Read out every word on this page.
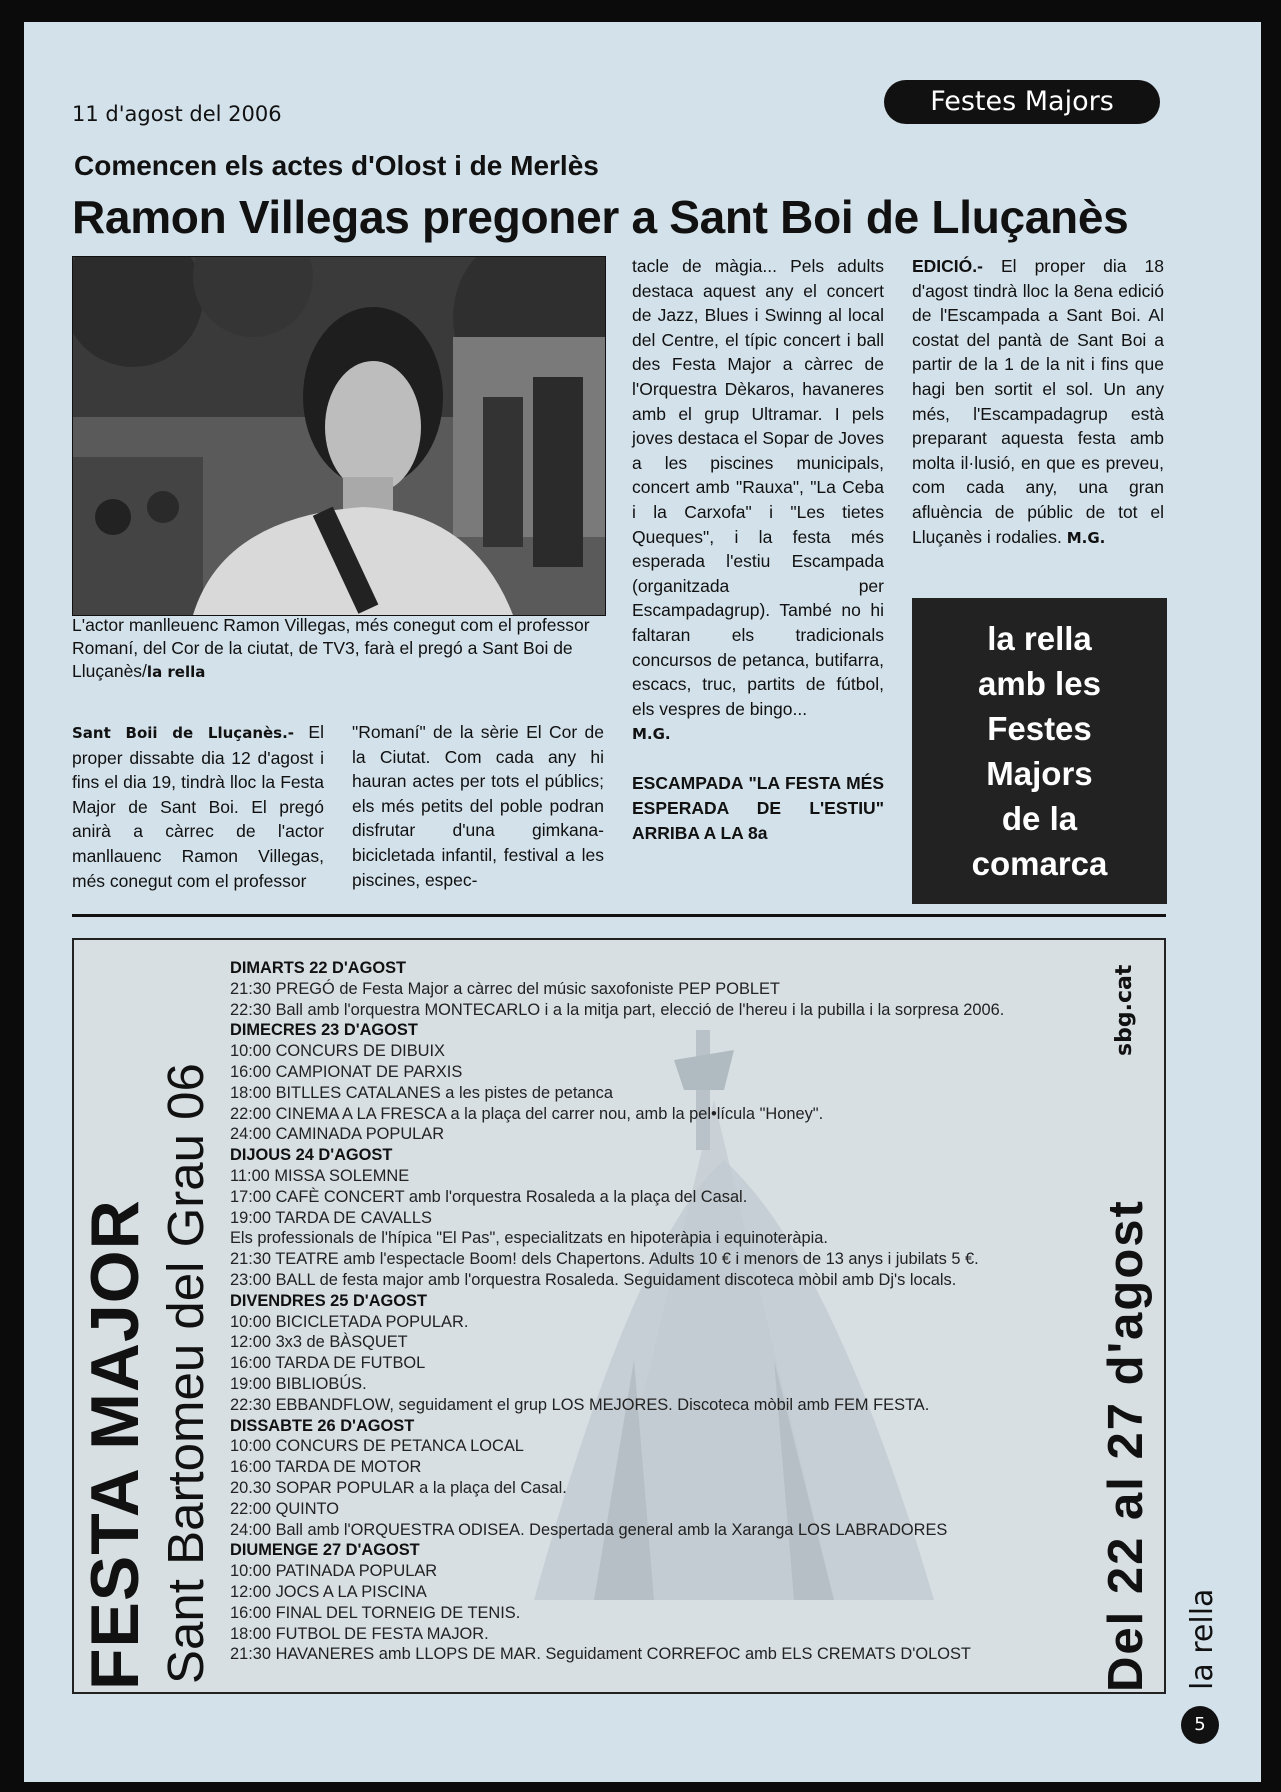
11 d'agost del 2006	Festes Majors
Comencen els actes d'Olost i de Merlès
Ramon Villegas pregoner a Sant Boi de Lluçanès
L'actor manlleuenc Ramon Villegas, més conegut com el professor Romaní, del Cor de la ciutat, de TV3, farà el pregó a Sant Boi de Lluçanès/la rella
Sant Boii de Lluçanès.- El proper dissabte dia 12 d'agost i fins el dia 19, tindrà lloc la Festa Major de Sant Boi. El pregó anirà a càrrec de l'actor manllauenc Ramon Villegas, més conegut com el professor
"Romaní" de la sèrie El Cor de la Ciutat. Com cada any hi hauran actes per tots el públics; els més petits del poble podran disfrutar d'una gimkana-bicicletada infantil, festival a les piscines, espec-
tacle de màgia... Pels adults destaca aquest any el concert de Jazz, Blues i Swinng al local del Centre, el típic concert i ball des Festa Major a càrrec de l'Orquestra Dèkaros, havaneres amb el grup Ultramar. I pels joves destaca el Sopar de Joves a les piscines municipals, concert amb "Rauxa", "La Ceba i la Carxofa" i "Les tietes Queques", i la festa més esperada l'estiu Escampada (organitzada per Escampadagrup). També no hi faltaran els tradicionals concursos de petanca, butifarra, escacs, truc, partits de fútbol, els vespres de bingo...
M.G.

ESCAMPADA "LA FESTA MÉS ESPERADA DE L'ESTIU" ARRIBA A LA 8a
EDICIÓ.- El proper dia 18 d'agost tindrà lloc la 8ena edició de l'Escampada a Sant Boi. Al costat del pantà de Sant Boi a partir de la 1 de la nit i fins que hagi ben sortit el sol. Un any més, l'Escampadagrup està preparant aquesta festa amb molta il·lusió, en que es preveu, com cada any, una gran afluència de públic de tot el Lluçanès i rodalies. M.G.
la rella
amb les
Festes
Majors
de la
comarca
FESTA MAJOR Sant Bartomeu del Grau 06	Del 22 al 27 d'agost
sbg.cat
DIMARTS 22 D'AGOST
21:30 PREGÓ de Festa Major a càrrec del músic saxofoniste PEP POBLET
22:30 Ball amb l'orquestra MONTECARLO i a la mitja part, elecció de l'hereu i la pubilla i la sorpresa 2006.
DIMECRES 23 D'AGOST
10:00 CONCURS DE DIBUIX
16:00 CAMPIONAT DE PARXIS
18:00 BITLLES CATALANES a les pistes de petanca
22:00 CINEMA A LA FRESCA a la plaça del carrer nou, amb la pel•lícula "Honey".
24:00 CAMINADA POPULAR
DIJOUS 24 D'AGOST
11:00 MISSA SOLEMNE
17:00 CAFÈ CONCERT amb l'orquestra Rosaleda a la plaça del Casal.
19:00 TARDA DE CAVALLS
Els professionals de l'hípica "El Pas", especialitzats en hipoteràpia i equinoteràpia.
21:30 TEATRE amb l'espectacle Boom! dels Chapertons. Adults 10 € i menors de 13 anys i jubilats 5 €.
23:00 BALL de festa major amb l'orquestra Rosaleda. Seguidament discoteca mòbil amb Dj's locals.
DIVENDRES 25 D'AGOST
10:00 BICICLETADA POPULAR.
12:00 3x3 de BÀSQUET
16:00 TARDA DE FUTBOL
19:00 BIBLIOBÚS.
22:30 EBBANDFLOW, seguidament el grup LOS MEJORES. Discoteca mòbil amb FEM FESTA.
DISSABTE 26 D'AGOST
10:00 CONCURS DE PETANCA LOCAL
16:00 TARDA DE MOTOR
20.30 SOPAR POPULAR a la plaça del Casal.
22:00 QUINTO
24:00 Ball amb l'ORQUESTRA ODISEA. Despertada general amb la Xaranga LOS LABRADORES
DIUMENGE 27 D'AGOST
10:00 PATINADA POPULAR
12:00 JOCS A LA PISCINA
16:00 FINAL DEL TORNEIG DE TENIS.
18:00 FUTBOL DE FESTA MAJOR.
21:30 HAVANERES amb LLOPS DE MAR. Seguidament CORREFOC amb ELS CREMATS D'OLOST	la rella
5
